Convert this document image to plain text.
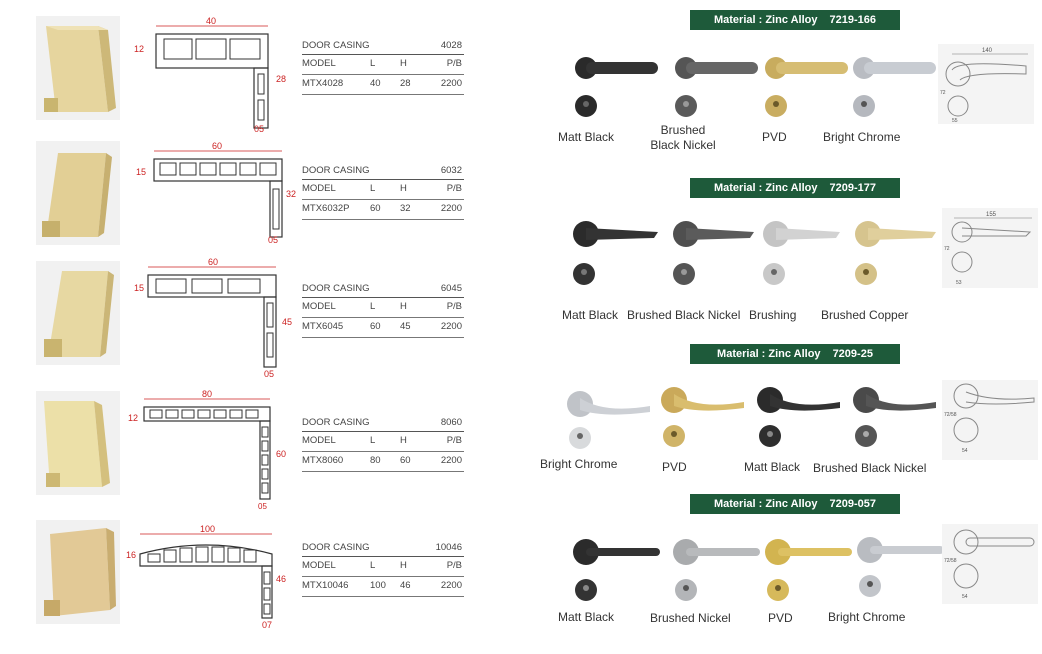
40
12
28
05
DOOR CASING	4028
MODEL	L	H	P/B
MTX4028	40 28	2200
60
15
32
05
DOOR CASING	6032
MODEL	L	H	P/B
MTX6032P 60 32	2200
60
15
45
05
DOOR CASING	6045
MODEL	L	H	P/B
MTX6045	60 45	2200
80
12
60
05
DOOR CASING	8060
MODEL	L	H	P/B
MTX8060	80 60	2200
100
16
46
07
DOOR CASING	10046
MODEL	L	H	P/B
MTX10046 100 46	2200
Material : Zinc Alloy 7219-166
Matt Black	Brushed Black Nickel
PVD	Bright Chrome
140
72
55
Material : Zinc Alloy 7209-177
Matt Black Brushed Black Nickel Brushing Brushed Copper
155
72
53
Material : Zinc Alloy 7209-25
Bright Chrome	PVD	Matt Black Brushed Black Nickel
72/58
54
Material : Zinc Alloy 7209-057
Matt Black	Brushed Nickel	PVD	Bright Chrome
72/58
54
